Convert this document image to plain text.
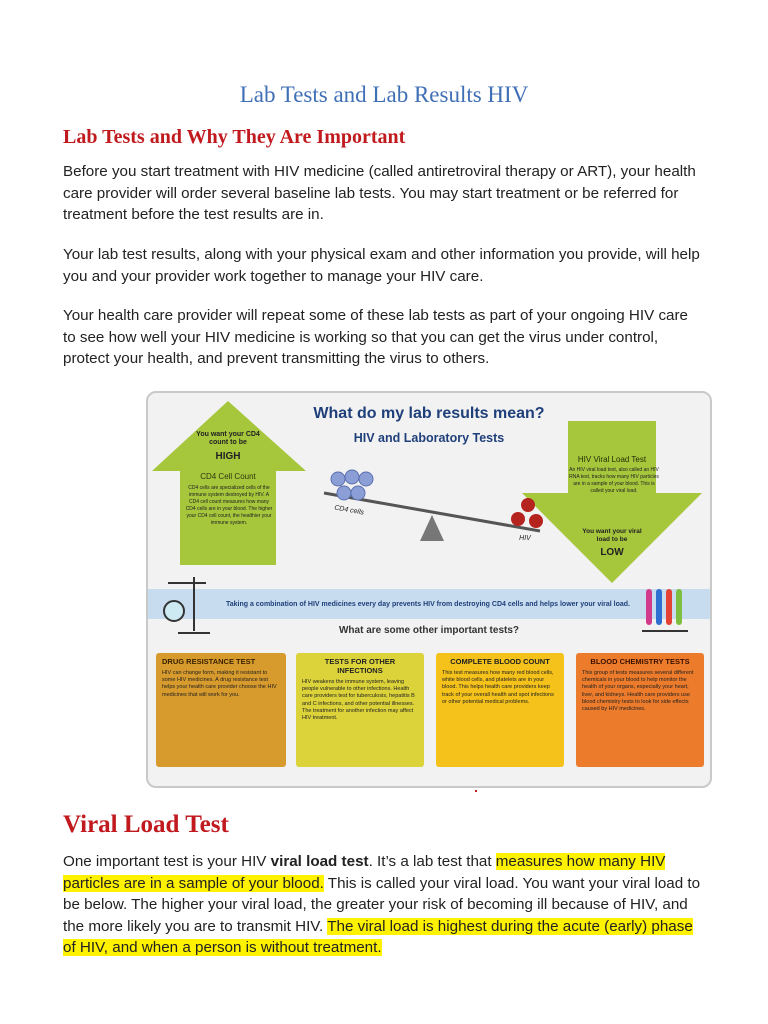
Lab Tests and Lab Results HIV
Lab Tests and Why They Are Important

Before you start treatment with HIV medicine (called antiretroviral therapy or ART), your health care provider will order several baseline lab tests. You may start treatment or be referred for treatment before the test results are in.

Your lab test results, along with your physical exam and other information you provide, will help you and your provider work together to manage your HIV care.

Your health care provider will repeat some of these lab tests as part of your ongoing HIV care to see how well your HIV medicine is working so that you can get the virus under control, protect your health, and prevent transmitting the virus to others.

What do my lab results mean?
HIV and Laboratory Tests
You want your CD4 count to be
HIGH
CD4 Cell Count
CD4 cells are specialized cells of the immune system destroyed by HIV. A CD4 cell count measures how many CD4 cells are in your blood. The higher your CD4 cell count, the healthier your immune system.
HIV Viral Load Test
An HIV viral load test, also called an HIV RNA test, tracks how many HIV particles are in a sample of your blood. This is called your viral load.
You want your viral load to be
LOW
CD4 cells
HIV
Taking a combination of HIV medicines every day prevents HIV from destroying CD4 cells and helps lower your viral load.
What are some other important tests?
DRUG RESISTANCE TEST
HIV can change form, making it resistant to some HIV medicines. A drug resistance test helps your health care provider choose the HIV medicines that will work for you.
TESTS FOR OTHER INFECTIONS
HIV weakens the immune system, leaving people vulnerable to other infections. Health care providers test for tuberculosis, hepatitis B and C infections, and other potential illnesses. The treatment for another infection may affect HIV treatment.
COMPLETE BLOOD COUNT
This test measures how many red blood cells, white blood cells, and platelets are in your blood. This helps health care providers keep track of your overall health and spot infections or other potential medical problems.
BLOOD CHEMISTRY TESTS
This group of tests measures several different chemicals in your blood to help monitor the health of your organs, especially your heart, liver, and kidneys. Health care providers use blood chemistry tests to look for side effects caused by HIV medicines.
Viral Load Test

One important test is your HIV viral load test. It’s a lab test that measures how many HIV particles are in a sample of your blood. This is called your viral load. You want your viral load to be below. The higher your viral load, the greater your risk of becoming ill because of HIV, and the more likely you are to transmit HIV. The viral load is highest during the acute (early) phase of HIV, and when a person is without treatment.
